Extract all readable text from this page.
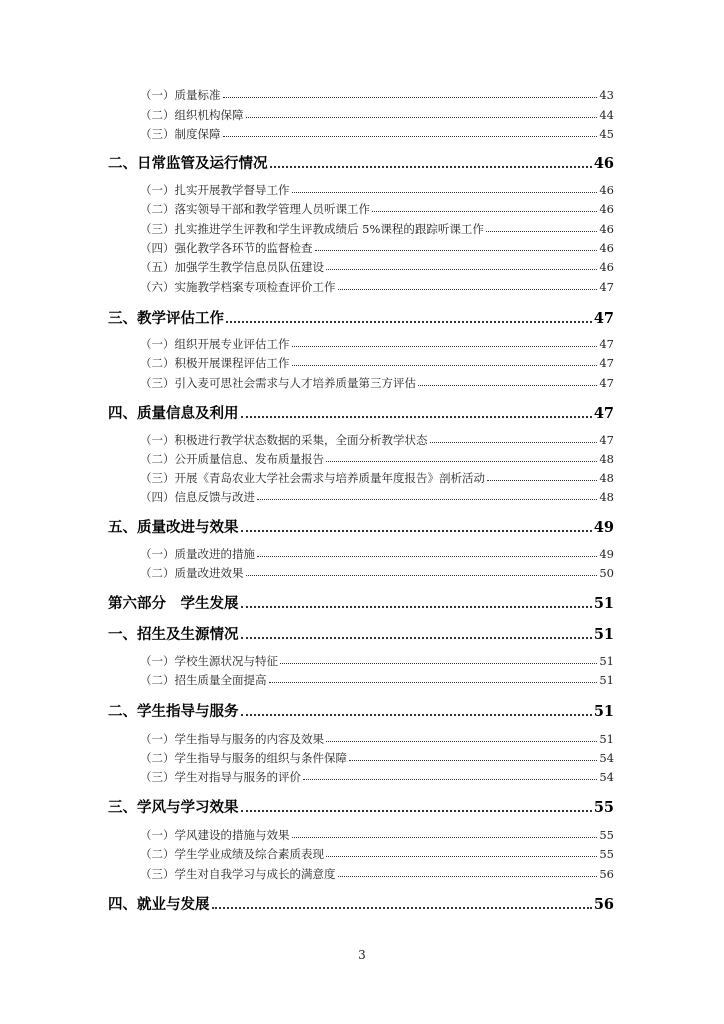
（一）质量标准	43
（二）组织机构保障	44
（三）制度保障	45
二、日常监管及运行情况	46
（一）扎实开展教学督导工作	46
（二）落实领导干部和教学管理人员听课工作	46
（三）扎实推进学生评教和学生评教成绩后 5%课程的跟踪听课工作	46
（四）强化教学各环节的监督检查	46
（五）加强学生教学信息员队伍建设	46
（六）实施教学档案专项检查评价工作	47
三、教学评估工作	47
（一）组织开展专业评估工作	47
（二）积极开展课程评估工作	47
（三）引入麦可思社会需求与人才培养质量第三方评估	47
四、质量信息及利用	47
（一）积极进行教学状态数据的采集，全面分析教学状态	47
（二）公开质量信息、发布质量报告	48
（三）开展《青岛农业大学社会需求与培养质量年度报告》剖析活动	48
（四）信息反馈与改进	48
五、质量改进与效果	49
（一）质量改进的措施	49
（二）质量改进效果	50
第六部分　学生发展	51
一、招生及生源情况	51
（一）学校生源状况与特征	51
（二）招生质量全面提高	51
二、学生指导与服务	51
（一）学生指导与服务的内容及效果	51
（二）学生指导与服务的组织与条件保障	54
（三）学生对指导与服务的评价	54
三、学风与学习效果	55
（一）学风建设的措施与效果	55
（二）学生学业成绩及综合素质表现	55
（三）学生对自我学习与成长的满意度	56
四、就业与发展	56
3
